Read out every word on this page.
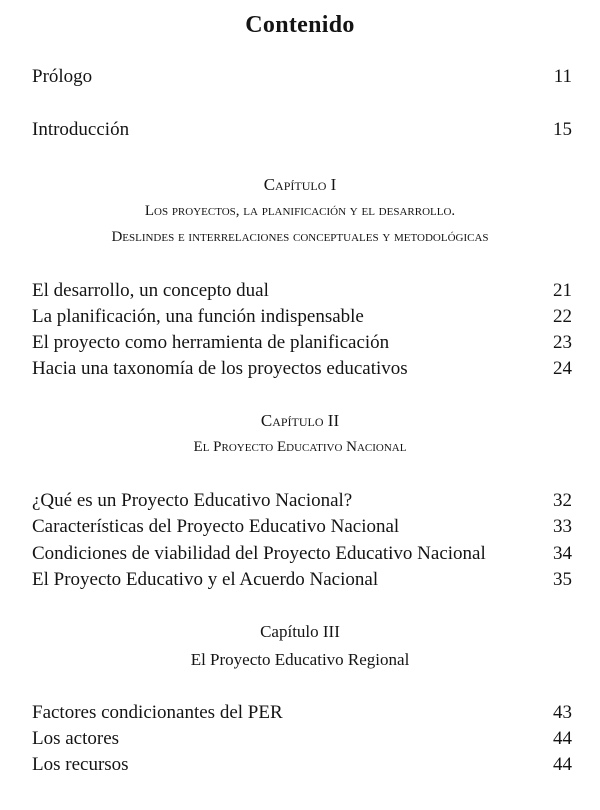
Contenido
Prólogo	11
Introducción	15
Capítulo I
Los proyectos, la planificación y el desarrollo.
Deslindes e interrelaciones conceptuales y metodológicas
El desarrollo, un concepto dual	21
La planificación, una función indispensable	22
El proyecto como herramienta de planificación	23
Hacia una taxonomía de los proyectos educativos	24
Capítulo II
El Proyecto Educativo Nacional
¿Qué es un Proyecto Educativo Nacional?	32
Características del Proyecto Educativo Nacional	33
Condiciones de viabilidad del Proyecto Educativo Nacional	34
El Proyecto Educativo y el Acuerdo Nacional	35
Capítulo III
El Proyecto Educativo Regional
Factores condicionantes del PER	43
Los actores	44
Los recursos	44
